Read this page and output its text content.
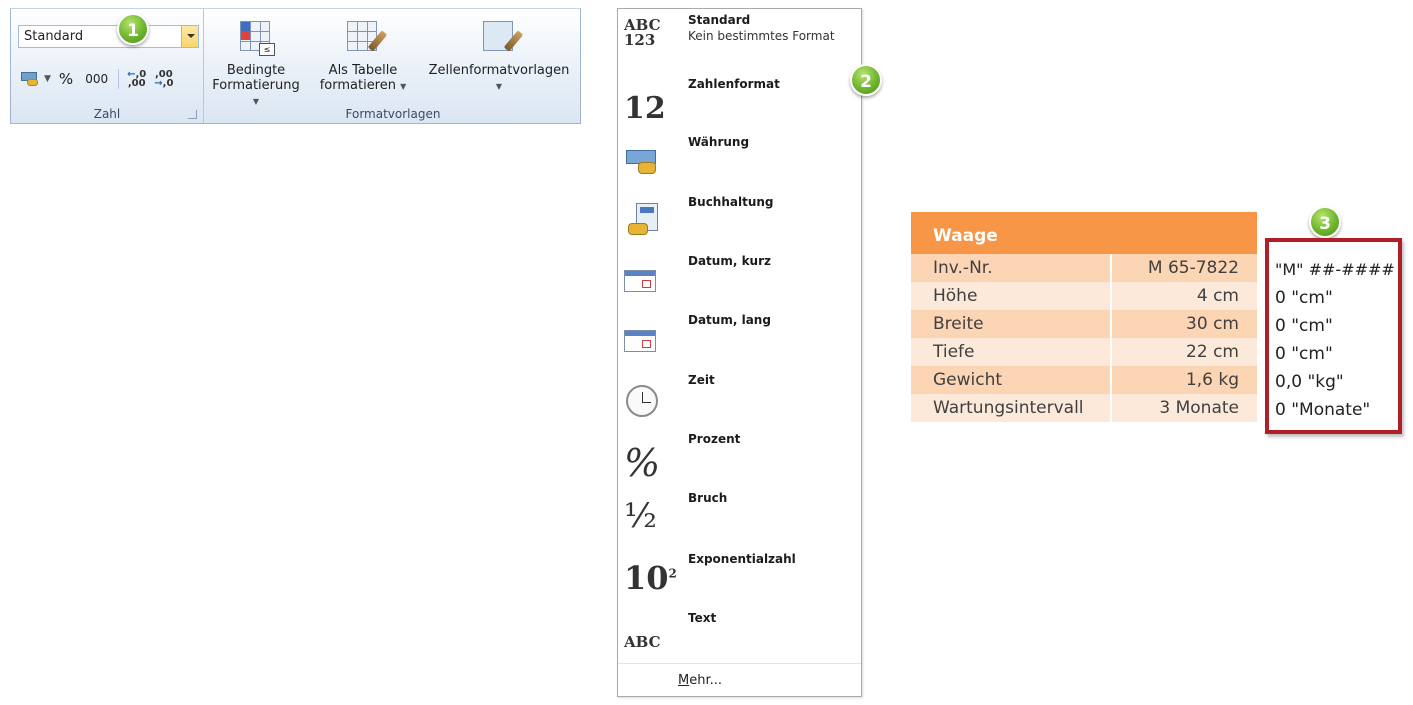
Standard
▼ % 000 ←,0
,00
,00
→,0
Zahl
≤
Bedingte
Formatierung ▼
Als Tabelle
formatieren ▼
Zellenformatvorlagen
▼
Formatvorlagen
1	ABC
123
Standard
Kein bestimmtes Format
12
Zahlenformat
Währung
Buchhaltung
Datum, kurz
Datum, lang
Zeit
%
Prozent
½	Bruch
$10^2$
Exponentialzahl
ABC
Text
Mehr...
2
Waage
Inv.-Nr.	M 65-7822
Höhe	4 cm
Breite	30 cm
Tiefe	22 cm
Gewicht	1,6 kg
Wartungsintervall	3 Monate
3
"M" ##-####
0 "cm"
0 "cm"
0 "cm"
0,0 "kg"
0 "Monate"
